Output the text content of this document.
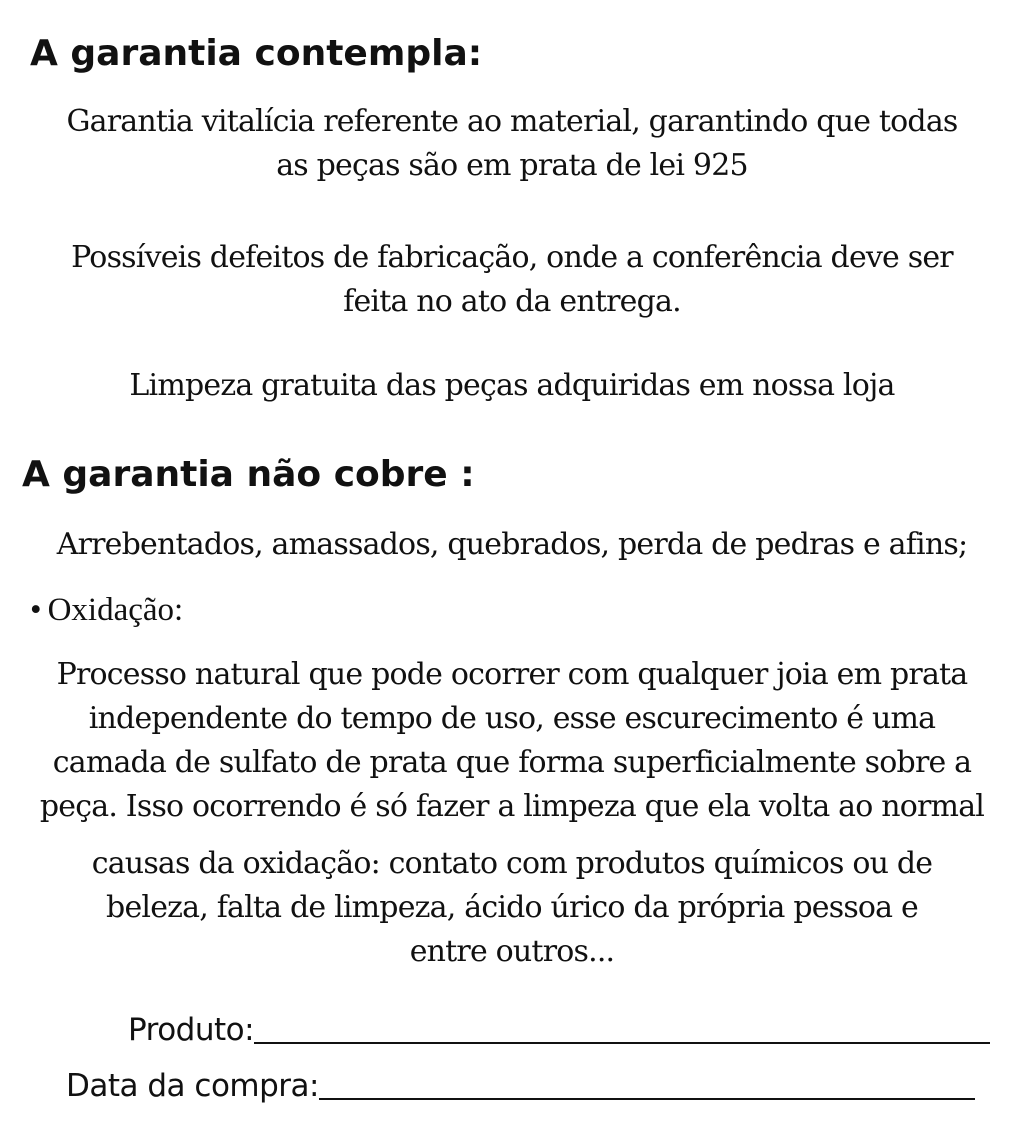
A garantia contempla:

Garantia vitalícia referente ao material, garantindo que todas
as peças são em prata de lei 925

Possíveis defeitos de fabricação, onde a conferência deve ser
feita no ato da entrega.

Limpeza gratuita das peças adquiridas em nossa loja

A garantia não cobre :

Arrebentados, amassados, quebrados, perda de pedras e afins;

• Oxidação:

Processo natural que pode ocorrer com qualquer joia em prata
independente do tempo de uso, esse escurecimento é uma
camada de sulfato de prata que forma superficialmente sobre a
peça. Isso ocorrendo é só fazer a limpeza que ela volta ao normal

causas da oxidação: contato com produtos químicos ou de
beleza, falta de limpeza, ácido úrico da própria pessoa e
entre outros...

Produto:
Data da compra:
